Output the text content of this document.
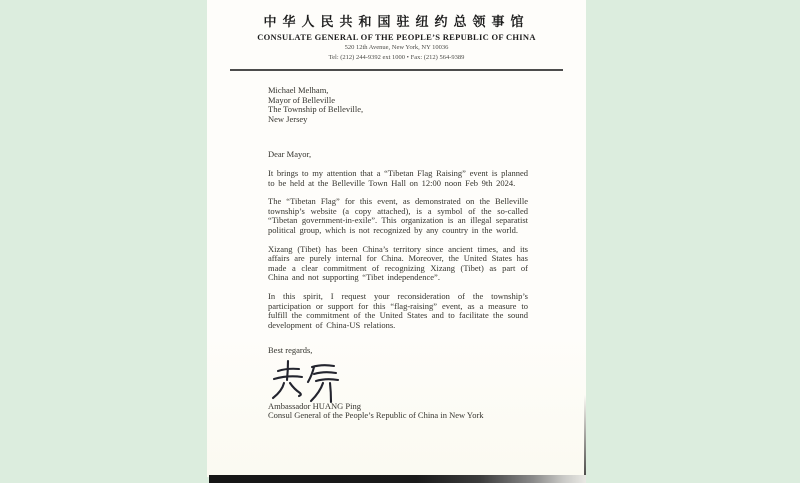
中华人民共和国驻纽约总领事馆
CONSULATE GENERAL OF THE PEOPLE’S REPUBLIC OF CHINA
520 12th Avenue, New York, NY 10036
Tel: (212) 244-9392 ext 1000 • Fax: (212) 564-9389
Michael Melham,
Mayor of Belleville
The Township of Belleville,
New Jersey

Dear Mayor,

It brings to my attention that a “Tibetan Flag Raising” event is planned to be held at the Belleville Town Hall on 12:00 noon Feb 9th 2024.

The “Tibetan Flag” for this event, as demonstrated on the Belleville township’s website (a copy attached), is a symbol of the so-called “Tibetan government-in-exile”. This organization is an illegal separatist political group, which is not recognized by any country in the world.

Xizang (Tibet) has been China’s territory since ancient times, and its affairs are purely internal for China. Moreover, the United States has made a clear commitment of recognizing Xizang (Tibet) as part of China and not supporting “Tibet independence”.

In this spirit, I request your reconsideration of the township’s participation or support for this “flag-raising” event, as a measure to fulfill the commitment of the United States and to facilitate the sound development of China-US relations.

Best regards,

Ambassador HUANG Ping
Consul General of the People’s Republic of China in New York
